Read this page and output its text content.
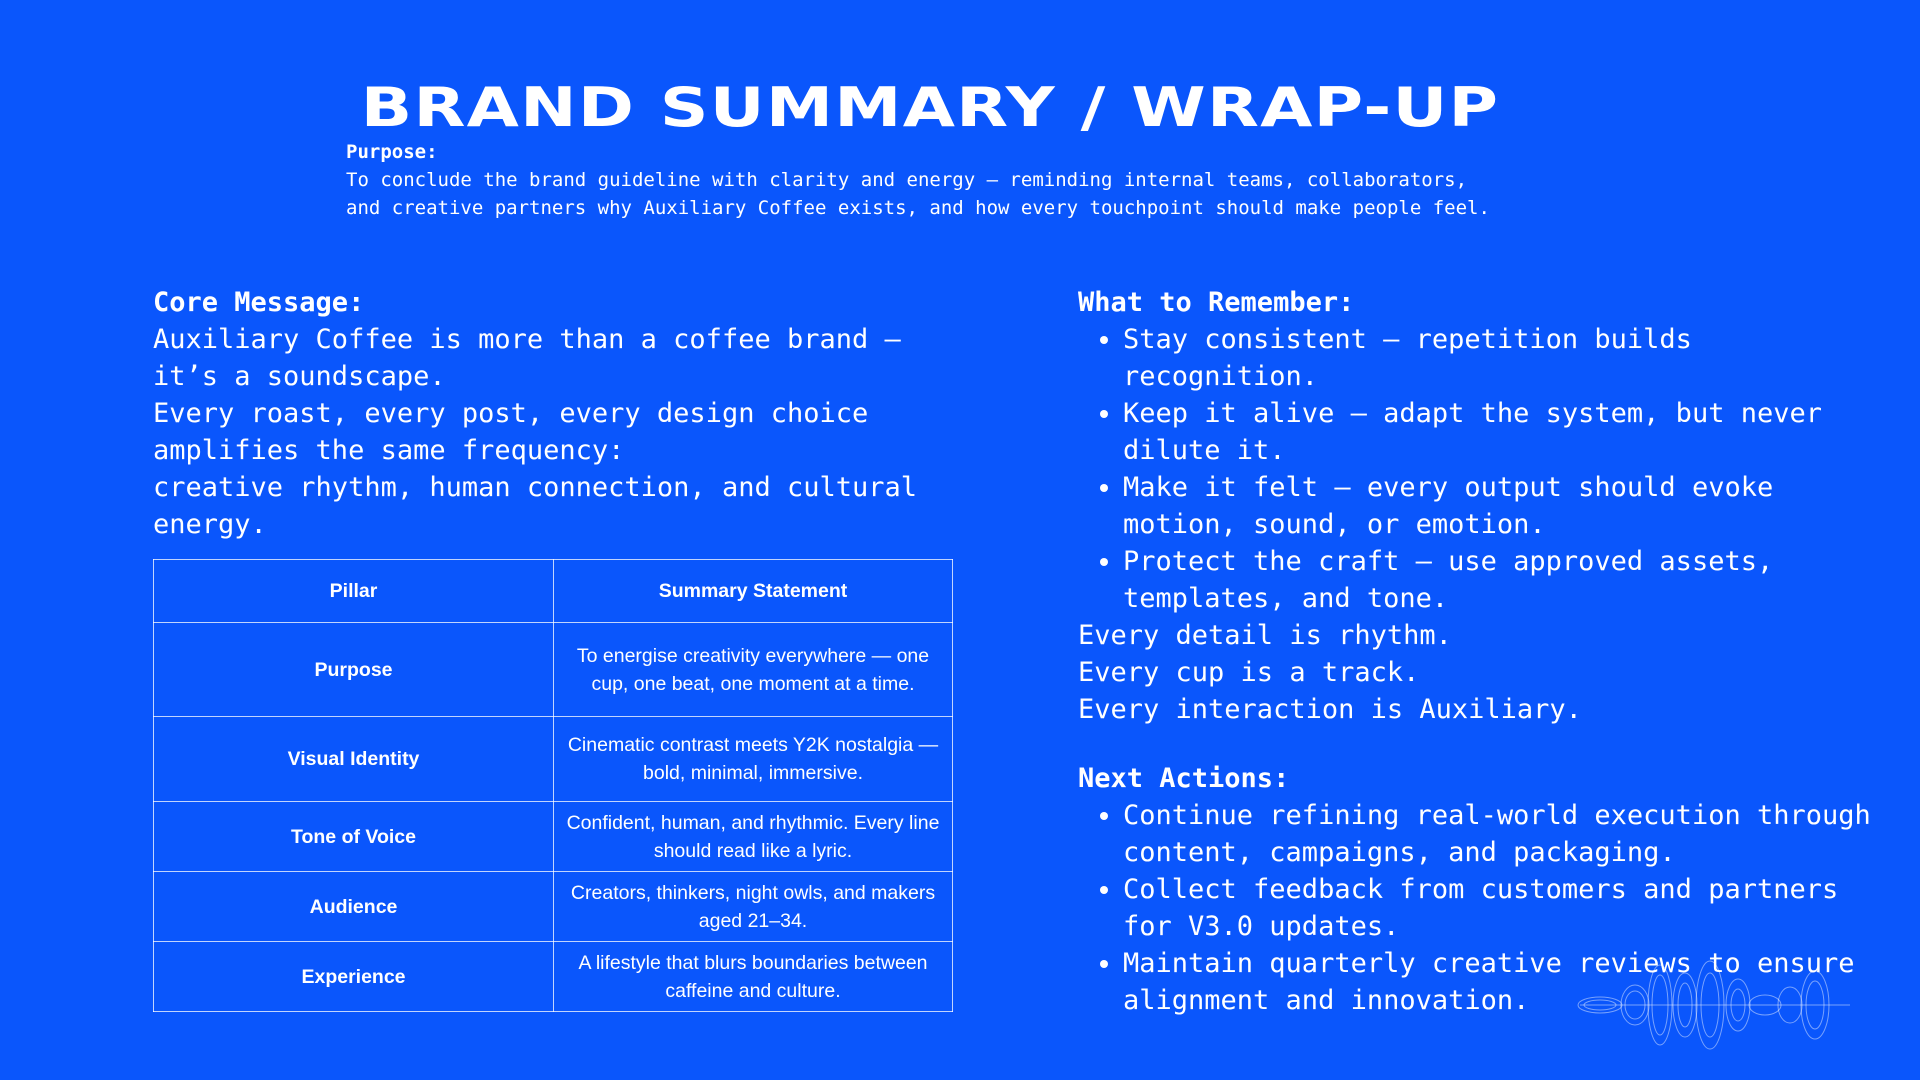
BRAND SUMMARY / WRAP-UP
Purpose:
To conclude the brand guideline with clarity and energy — reminding internal teams, collaborators,
and creative partners why Auxiliary Coffee exists, and how every touchpoint should make people feel.
Core Message:
Auxiliary Coffee is more than a coffee brand —
it’s a soundscape.
Every roast, every post, every design choice
amplifies the same frequency:
creative rhythm, human connection, and cultural
energy.
Pillar	Summary Statement
Purpose	To energise creativity everywhere — one cup, one beat, one moment at a time.
Visual Identity	Cinematic contrast meets Y2K nostalgia — bold, minimal, immersive.
Tone of Voice	Confident, human, and rhythmic. Every line should read like a lyric.
Audience	Creators, thinkers, night owls, and makers aged 21–34.
Experience	A lifestyle that blurs boundaries between caffeine and culture.
What to Remember:
• Stay consistent — repetition builds recognition.
• Keep it alive — adapt the system, but never dilute it.
• Make it felt — every output should evoke motion, sound, or emotion.
• Protect the craft — use approved assets, templates, and tone.
Every detail is rhythm.
Every cup is a track.
Every interaction is Auxiliary.
Next Actions:
• Continue refining real-world execution through content, campaigns, and packaging.
• Collect feedback from customers and partners for V3.0 updates.
• Maintain quarterly creative reviews to ensure alignment and innovation.
